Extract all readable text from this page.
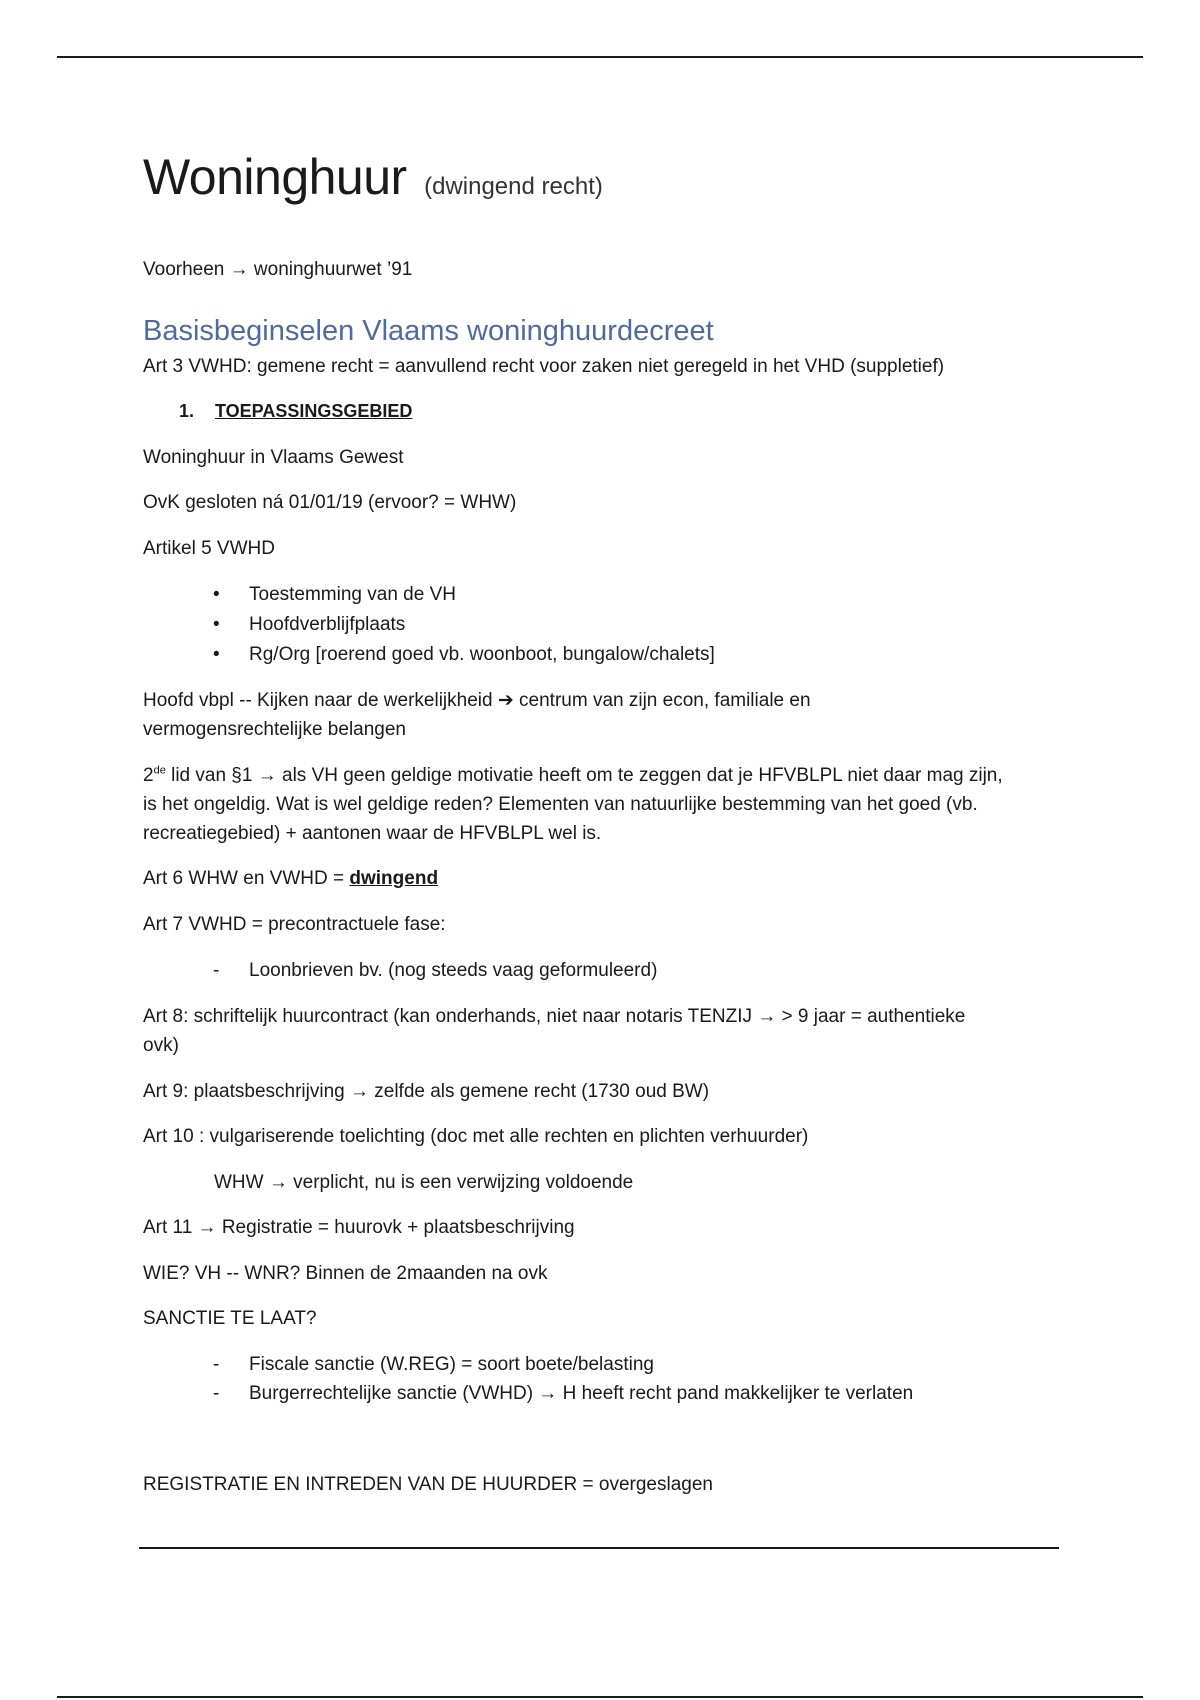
Woninghuur (dwingend recht)
Voorheen → woninghuurwet ’91
Basisbeginselen Vlaams woninghuurdecreet
Art 3 VWHD: gemene recht = aanvullend recht voor zaken niet geregeld in het VHD (suppletief)
1. TOEPASSINGSGEBIED
Woninghuur in Vlaams Gewest
OvK gesloten ná 01/01/19 (ervoor? = WHW)
Artikel 5 VWHD
• Toestemming van de VH
• Hoofdverblijfplaats
• Rg/Org [roerend goed vb. woonboot, bungalow/chalets]
Hoofd vbpl -- Kijken naar de werkelijkheid ➔ centrum van zijn econ, familiale en
vermogensrechtelijke belangen
2de lid van §1 → als VH geen geldige motivatie heeft om te zeggen dat je HFVBLPL niet daar mag zijn,
is het ongeldig. Wat is wel geldige reden? Elementen van natuurlijke bestemming van het goed (vb.
recreatiegebied) + aantonen waar de HFVBLPL wel is.
Art 6 WHW en VWHD = dwingend
Art 7 VWHD = precontractuele fase:
- Loonbrieven bv. (nog steeds vaag geformuleerd)
Art 8: schriftelijk huurcontract (kan onderhands, niet naar notaris TENZIJ → > 9 jaar = authentieke
ovk)
Art 9: plaatsbeschrijving → zelfde als gemene recht (1730 oud BW)
Art 10 : vulgariserende toelichting (doc met alle rechten en plichten verhuurder)
WHW → verplicht, nu is een verwijzing voldoende
Art 11 → Registratie = huurovk + plaatsbeschrijving
WIE? VH -- WNR? Binnen de 2maanden na ovk
SANCTIE TE LAAT?
- Fiscale sanctie (W.REG) = soort boete/belasting
- Burgerrechtelijke sanctie (VWHD) → H heeft recht pand makkelijker te verlaten
REGISTRATIE EN INTREDEN VAN DE HUURDER = overgeslagen
